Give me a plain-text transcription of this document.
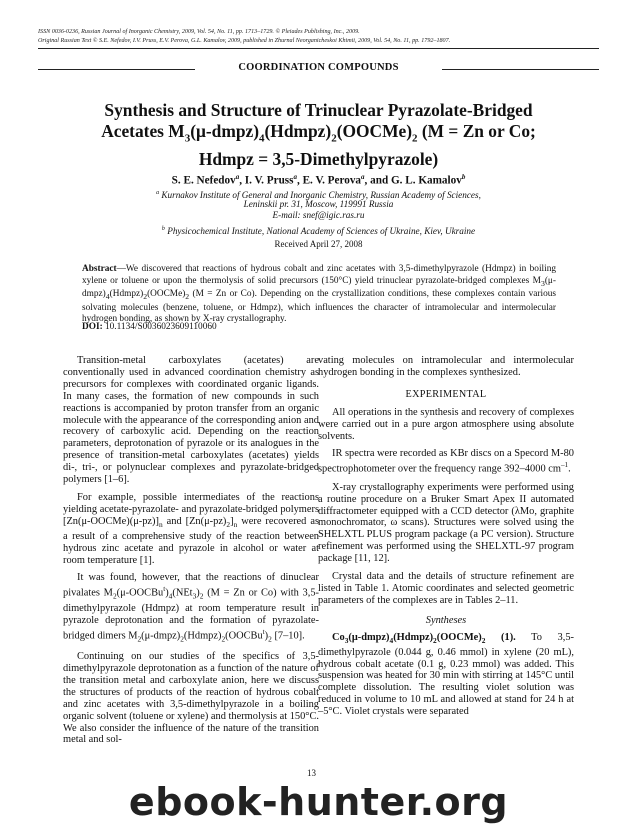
ISSN 0036-0236, Russian Journal of Inorganic Chemistry, 2009, Vol. 54, No. 11, pp. 1713–1729. © Pleiades Publishing, Inc., 2009.
Original Russian Text © S.E. Nefedov, I.V. Pruss, E.V. Perova, G.L. Kamalov, 2009, published in Zhurnal Neorganicheskoi Khimii, 2009, Vol. 54, No. 11, pp. 1792–1807.
COORDINATION COMPOUNDS
Synthesis and Structure of Trinuclear Pyrazolate-Bridged
Acetates $M_3(\mu-dmpz)_4(Hdmpz)_2(OOCMe)_2$ (M = Zn or Co;
Hdmpz = 3,5-Dimethylpyrazole)
S. E. Nefedov$^a$, I. V. Pruss$^a$, E. V. Perova$^a$, and G. L. Kamalov$^b$
$^a$ Kurnakov Institute of General and Inorganic Chemistry, Russian Academy of Sciences,
Leninskii pr. 31, Moscow, 119991 Russia
E-mail: snef@igic.ras.ru
$^b$ Physicochemical Institute, National Academy of Sciences of Ukraine, Kiev, Ukraine
Received April 27, 2008
Abstract—We discovered that reactions of hydrous cobalt and zinc acetates with 3,5-dimethylpyrazole (Hdmpz) in boiling xylene or toluene or upon the thermolysis of solid precursors (150°C) yield trinuclear pyrazolate-bridged complexes $M_3(\mu-dmpz)_4(Hdmpz)_2(OOCMe)_2$ (M = Zn or Co). Depending on the crystallization conditions, these complexes contain various solvating molecules (benzene, toluene, or Hdmpz), which influences the character of intramolecular and intermolecular hydrogen bonding, as shown by X-ray crystallography.
DOI: 10.1134/S0036023609110060

Transition-metal carboxylates (acetates) are conventionally used in advanced coordination chemistry as precursors for complexes with coordinated organic ligands. In many cases, the formation of new compounds in such reactions is accompanied by proton transfer from an organic molecule with the appearance of the corresponding anion and recovery of carboxylic acid. Depending on the reaction parameters, deprotonation of pyrazole or its analogues in the presence of transition-metal carboxylates (acetates) yields di-, tri-, or polynuclear complexes and pyrazolate-bridged polymers [1–6].

For example, possible intermediates of the reactions yielding acetate-pyrazolate- and pyrazolate-bridged polymers $[Zn(\mu-OOCMe)(\mu-pz)]_n$ and $[Zn(\mu-pz)_2]_n$ were recovered as a result of a comprehensive study of the reaction between hydrous zinc acetate and pyrazole in alcohol or water at room temperature [1].

It was found, however, that the reactions of dinuclear pivalates $M_2(\mu-OOCBu^t)_4(NEt_3)_2$ (M = Zn or Co) with 3,5-dimethylpyrazole (Hdmpz) at room temperature result in pyrazole deprotonation and the formation of pyrazolate-bridged dimers $M_2(\mu-dmpz)_2(Hdmpz)_2(OOCBu^t)_2$ [7–10].

Continuing on our studies of the specifics of 3,5-dimethylpyrazole deprotonation as a function of the nature of the transition metal and carboxylate anion, here we discuss the structures of products of the reaction of hydrous cobalt and zinc acetates with 3,5-dimethylpyrazole in a boiling organic solvent (toluene or xylene) and thermolysis at 150°C. We also consider the influence of the nature of the transition metal and sol-

vating molecules on intramolecular and intermolecular hydrogen bonding in the complexes synthesized.

EXPERIMENTAL

All operations in the synthesis and recovery of complexes were carried out in a pure argon atmosphere using absolute solvents.

IR spectra were recorded as KBr discs on a Specord M-80 spectrophotometer over the frequency range 392–4000 $cm^{-1}$.

X-ray crystallography experiments were performed using a routine procedure on a Bruker Smart Apex II automated diffractometer equipped with a CCD detector (λMo, graphite monochromator, ω scans). Structures were solved using the SHELXTL PLUS program package (a PC version). Structure refinement was performed using the SHELXTL-97 program package [11, 12].

Crystal data and the details of structure refinement are listed in Table 1. Atomic coordinates and selected geometric parameters of the complexes are in Tables 2–11.

Syntheses

$Co_3(\mu-dmpz)_4(Hdmpz)_2(OOCMe)_2$ (1). To 3,5-dimethylpyrazole (0.044 g, 0.46 mmol) in xylene (20 mL), hydrous cobalt acetate (0.1 g, 0.23 mmol) was added. This suspension was heated for 30 min with stirring at 145°C until complete dissolution. The resulting violet solution was reduced in volume to 10 mL and allowed at stand for 24 h at –5°C. Violet crystals were separated

13
ebook-hunter.org
